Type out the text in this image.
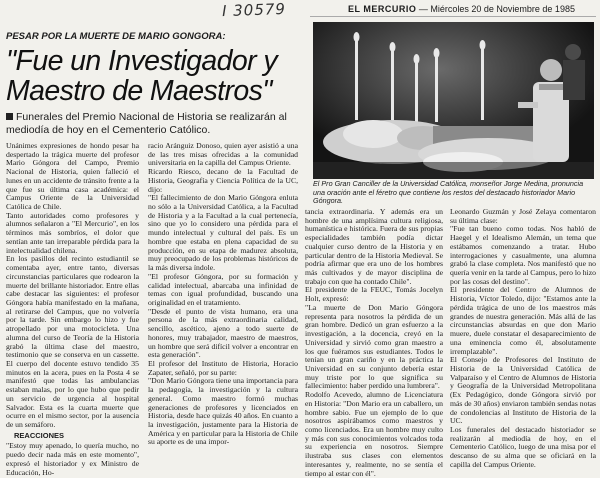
I 30579	EL MERCURIO — Miércoles 20 de Noviembre de 1985
PESAR POR LA MUERTE DE MARIO GONGORA:
"Fue un Investigador y Maestro de Maestros"
Funerales del Premio Nacional de Historia se realizarán al mediodía de hoy en el Cementerio Católico.
El Pro Gran Canciller de la Universidad Católica, monseñor Jorge Medina, pronuncia una oración ante el féretro que contiene los restos del destacado historiador Mario Góngora.
Unánimes expresiones de hondo pesar ha despertado la trágica muerte del profesor Mario Góngora del Campo, Premio Nacional de Historia, quien falleció el lunes en un accidente de tránsito frente a la que fue su última casa académica: el Campus Oriente de la Universidad Católica de Chile.
Tanto autoridades como profesores y alumnos señalaron a "El Mercurio", en los términos más sombríos, el dolor que sentían ante tan irreparable pérdida para la intelectualidad chilena.
En los pasillos del recinto estudiantil se comentaba ayer, entre tanto, diversas circunstancias particulares que rodearon la muerte del brillante historiador. Entre ellas cabe destacar las siguientes: el profesor Góngora había manifestado en la mañana, al retirarse del Campus, que no volvería por la tarde. Sin embargo lo hizo y fue atropellado por una motocicleta. Una alumna del curso de Teoría de la Historia grabó la última clase del maestro, testimonio que se conserva en un cassette. El cuerpo del docente estuvo tendido 35 minutos en la acera, pues en la Posta 4 se manifestó que todas las ambulancias estaban malas, por lo que hubo que pedir un servicio de urgencia al hospital Salvador. Esta es la cuarta muerte que ocurre en el mismo sector, por la ausencia de un semáforo.
REACCIONES
"Estoy muy apenado, lo quería mucho, no puedo decir nada más en este momento", expresó el historiador y ex Ministro de Educación, Ho-
racio Aránguiz Donoso, quien ayer asistió a una de las tres misas ofrecidas a la comunidad universitaria en la capilla del Campus Oriente.
Ricardo Riesco, decano de la Facultad de Historia, Geografía y Ciencia Política de la UC, dijo:
"El fallecimiento de don Mario Góngora enluta no sólo a la Universidad Católica, a la Facultad de Historia y a la Facultad a la cual pertenecía, sino que yo lo considero una pérdida para el mundo intelectual y cultural del país. Es un hombre que estaba en plena capacidad de su producción, en su etapa de madurez absoluta, muy preocupado de los problemas históricos de la más diversa índole.
"El profesor Góngora, por su formación y calidad intelectual, abarcaba una infinidad de temas con igual profundidad, buscando una originalidad en el tratamiento.
"Desde el punto de vista humano, era una persona de la más extraordinaria calidad, sencillo, ascético, ajeno a todo suerte de honores, muy trabajador, maestro de maestros, un hombre que será difícil volver a encontrar en esta generación".
El profesor del Instituto de Historia, Horacio Zapater, señaló, por su parte:
"Don Mario Góngora tiene una importancia para la pedagogía, la investigación y la cultura general. Como maestro formó muchas generaciones de profesores y licenciados en Historia, desde hace quizás 40 años. En cuanto a la investigación, justamente para la Historia de América y en particular para la Historia de Chile su aporte es de una impor-
tancia extraordinaria. Y además era un hombre de una amplísima cultura religiosa, humanística e histórica. Fuera de sus propias especialidades también podía dictar cualquier curso dentro de la Historia y en particular dentro de la Historia Medieval. Se podría afirmar que era uno de los hombres más cultivados y de mayor disciplina de trabajo con que ha contado Chile".
El presidente de la FEUC, Tomás Jocelyn Holt, expresó:
"La muerte de Don Mario Góngora representa para nosotros la pérdida de un gran hombre. Dedicó un gran esfuerzo a la investigación, a la docencia, creyó en la Universidad y sirvió como gran maestro a los que fuéramos sus estudiantes. Todos le tenían un gran cariño y en la práctica la Universidad en su conjunto debería estar muy triste por lo que significa su fallecimiento: haber perdido una lumbrera".
Rodolfo Acevedo, alumno de Licenciatura en Historia: "Don Mario era un caballero, un hombre sabio. Fue un ejemplo de lo que nosotros aspirábamos como maestros y como licenciados. Era un hombre muy culto y más con sus conocimientos volcados toda su experiencia en nosotros. Siempre ilustraba sus clases con elementos interesantes y, realmente, no se sentía el tiempo al estar con él".
Leonardo Guzmán y José Zelaya comentaron su última clase:
"Fue tan bueno como todas. Nos habló de Haegel y el Idealismo Alemán, un tema que estábamos comenzando a tratar. Hubo interrogaciones y casualmente, una alumna grabó la clase completa. Nos manifestó que no quería venir en la tarde al Campus, pero lo hizo por las cosas del destino".
El presidente del Centro de Alumnos de Historia, Víctor Toledo, dijo: "Estamos ante la pérdida trágica de uno de los maestros más grandes de nuestra generación. Más allá de las circunstancias absurdas en que don Mario muere, duele constatar el desaparecimiento de una eminencia como él, absolutamente irremplazable".
El Consejo de Profesores del Instituto de Historia de la Universidad Católica de Valparaíso y el Centro de Alumnos de Historia y Geografía de la Universidad Metropolitana (Ex Pedagógico, donde Góngora sirvió por más de 30 años) enviaron también sendas notas de condolencias al Instituto de Historia de la UC.
Los funerales del destacado historiador se realizarán al mediodía de hoy, en el Cementerio Católico, luego de una misa por el descanso de su alma que se oficiará en la capilla del Campus Oriente.
